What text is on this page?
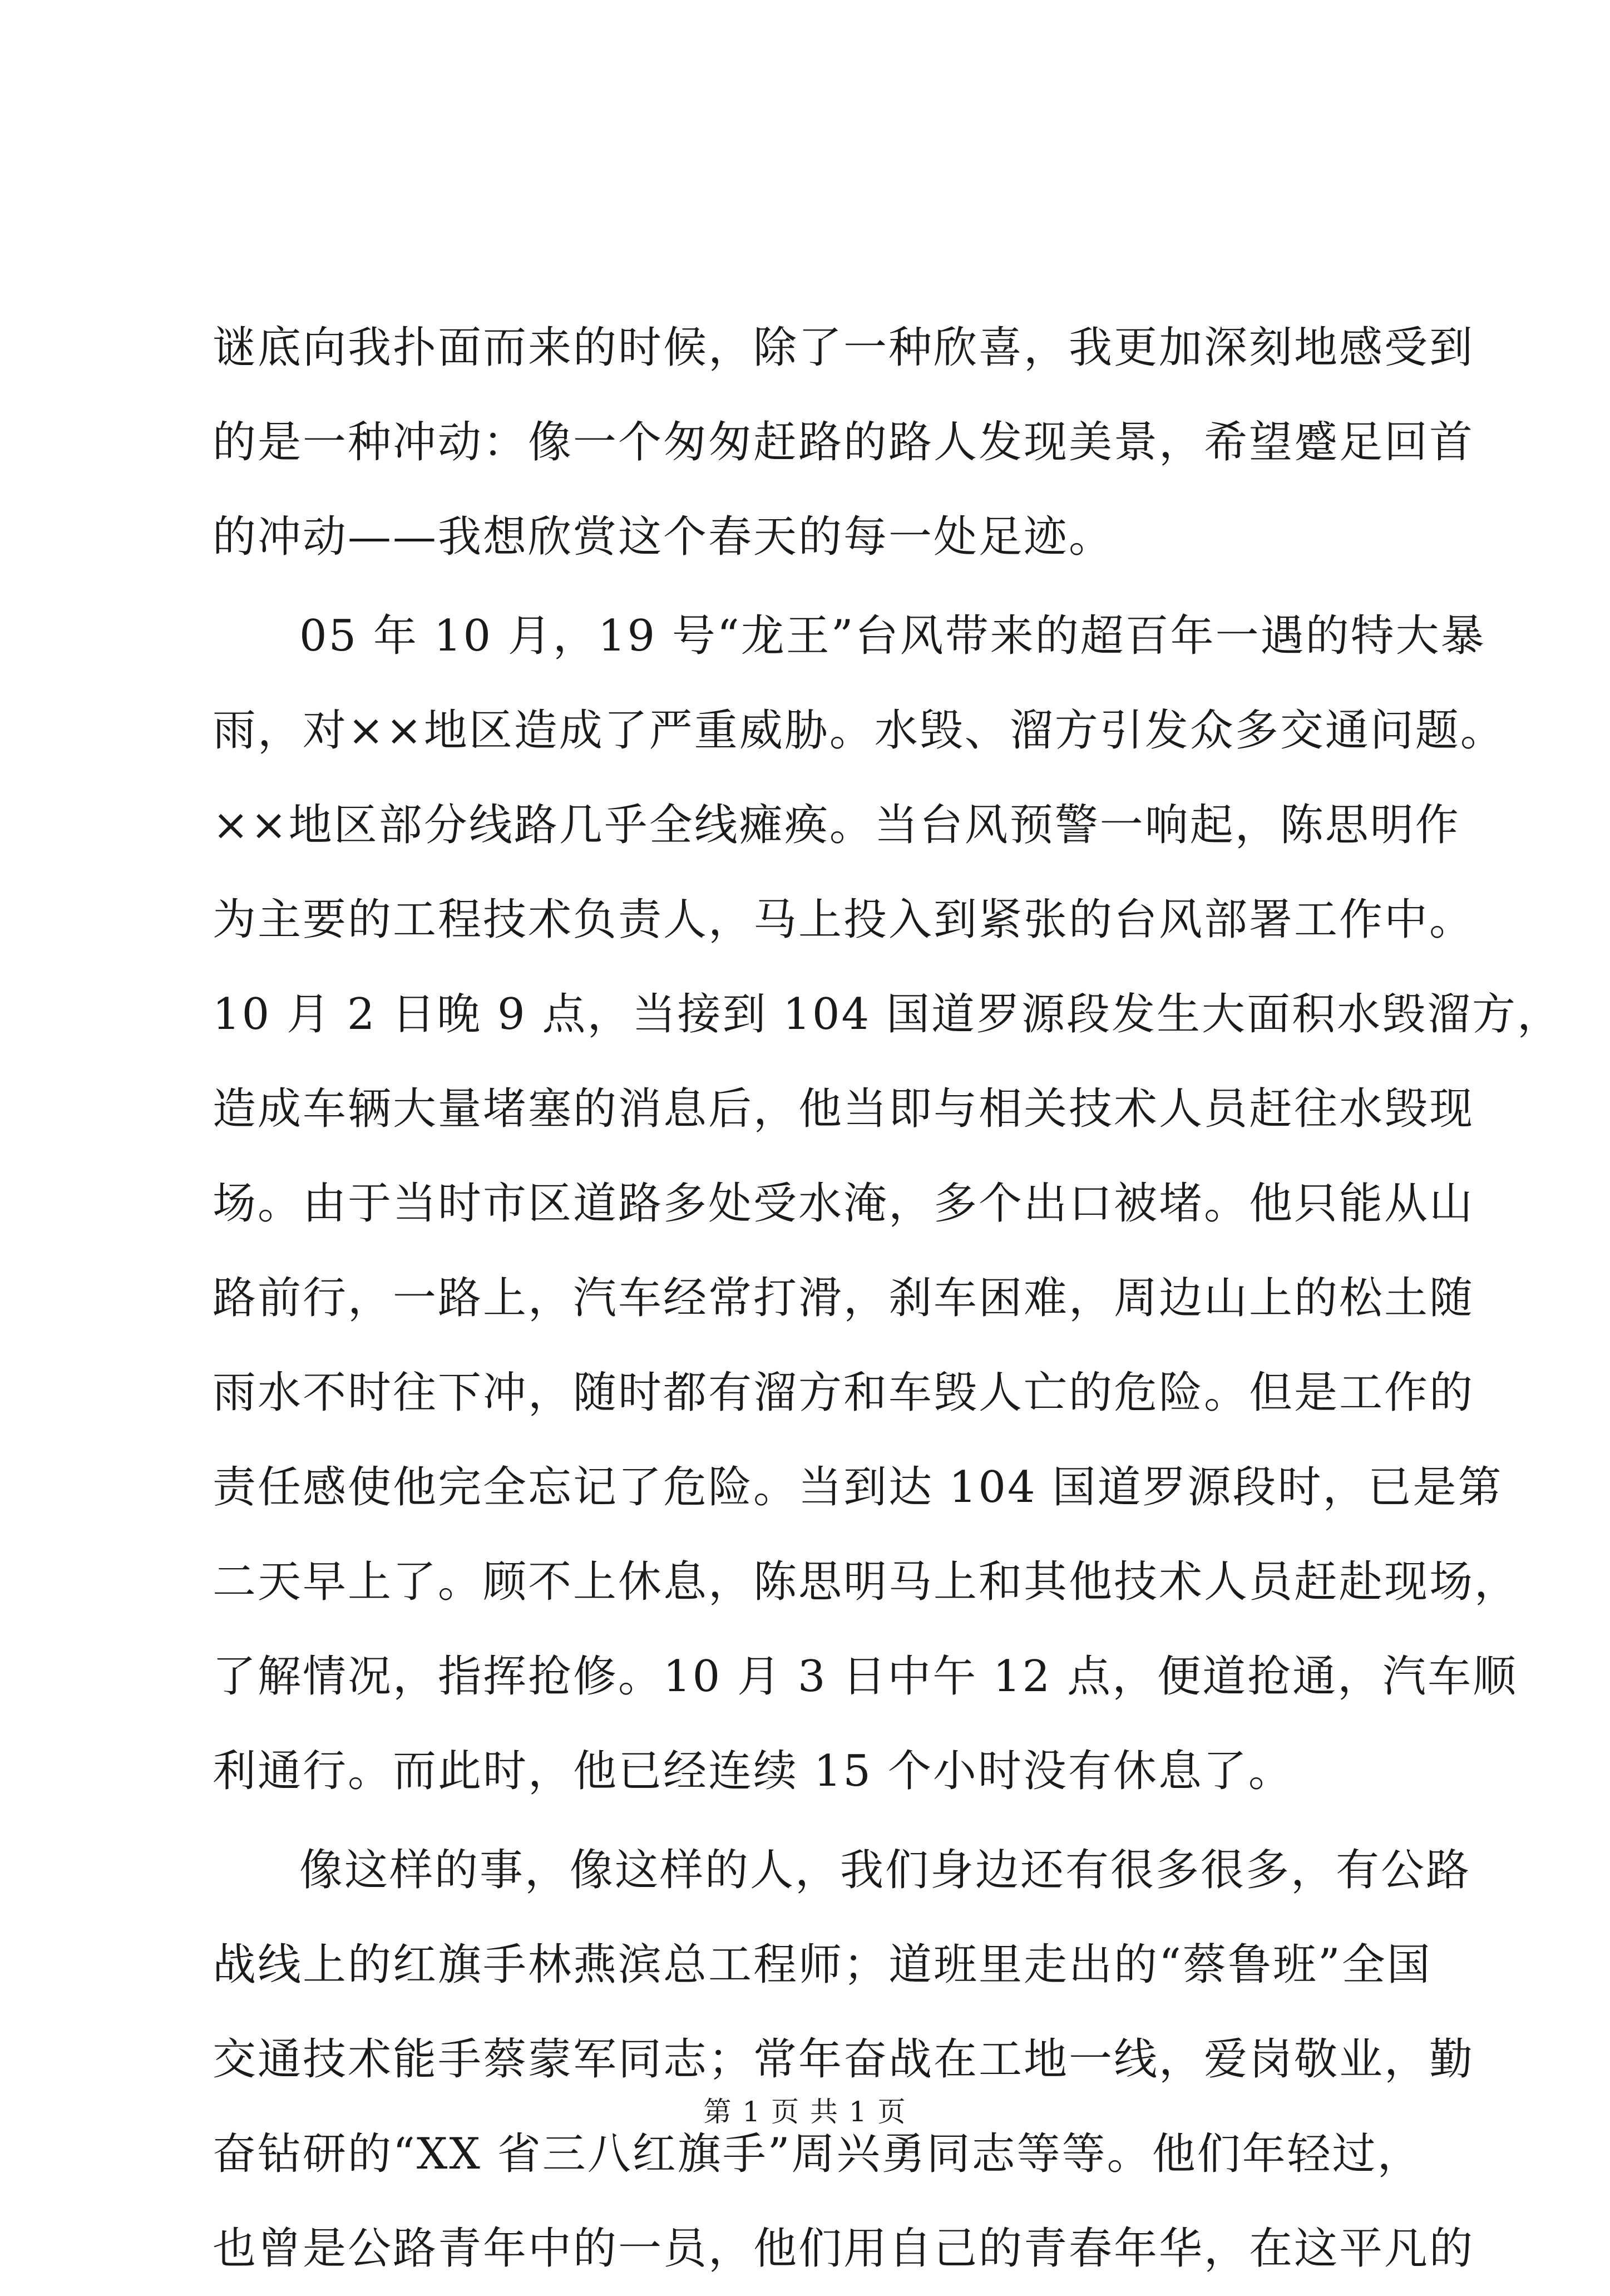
谜底向我扑面而来的时候，除了一种欣喜，我更加深刻地感受到
的是一种冲动：像一个匆匆赶路的路人发现美景，希望蹙足回首
的冲动——我想欣赏这个春天的每一处足迹。
05 年 10 月，19 号“龙王”台风带来的超百年一遇的特大暴
雨，对××地区造成了严重威胁。水毁、溜方引发众多交通问题。
××地区部分线路几乎全线瘫痪。当台风预警一响起，陈思明作
为主要的工程技术负责人，马上投入到紧张的台风部署工作中。
10 月 2 日晚 9 点，当接到 104 国道罗源段发生大面积水毁溜方，
造成车辆大量堵塞的消息后，他当即与相关技术人员赶往水毁现
场。由于当时市区道路多处受水淹，多个出口被堵。他只能从山
路前行，一路上，汽车经常打滑，刹车困难，周边山上的松土随
雨水不时往下冲，随时都有溜方和车毁人亡的危险。但是工作的
责任感使他完全忘记了危险。当到达 104 国道罗源段时，已是第
二天早上了。顾不上休息，陈思明马上和其他技术人员赶赴现场，
了解情况，指挥抢修。10 月 3 日中午 12 点，便道抢通，汽车顺
利通行。而此时，他已经连续 15 个小时没有休息了。
像这样的事，像这样的人，我们身边还有很多很多，有公路
战线上的红旗手林燕滨总工程师；道班里走出的“蔡鲁班”全国
交通技术能手蔡蒙军同志；常年奋战在工地一线，爱岗敬业，勤
奋钻研的“XX 省三八红旗手”周兴勇同志等等。他们年轻过，
也曾是公路青年中的一员，他们用自己的青春年华，在这平凡的
第 1 页 共 1 页
